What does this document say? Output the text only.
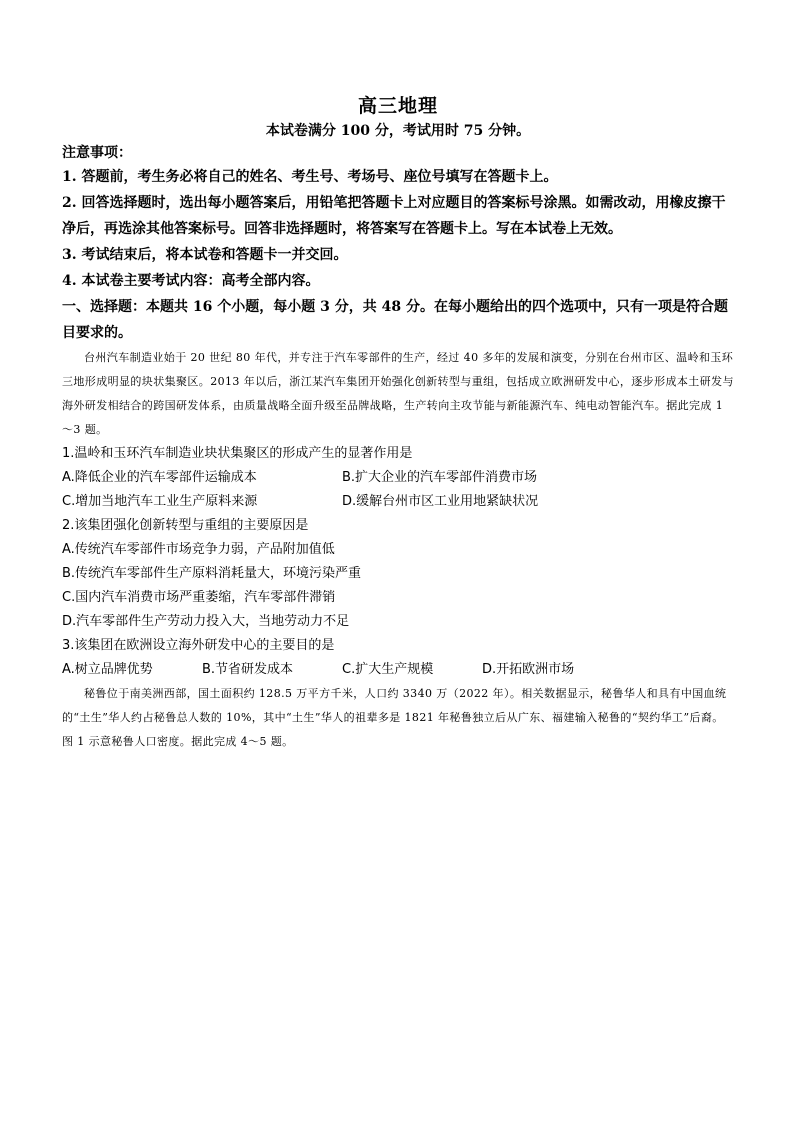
高三地理
本试卷满分 100 分，考试用时 75 分钟。
注意事项：
1. 答题前，考生务必将自己的姓名、考生号、考场号、座位号填写在答题卡上。
2. 回答选择题时，选出每小题答案后，用铅笔把答题卡上对应题目的答案标号涂黑。如需改动，用橡皮擦干净后，再选涂其他答案标号。回答非选择题时，将答案写在答题卡上。写在本试卷上无效。
3. 考试结束后，将本试卷和答题卡一并交回。
4. 本试卷主要考试内容：高考全部内容。
一、选择题：本题共 16 个小题，每小题 3 分，共 48 分。在每小题给出的四个选项中，只有一项是符合题目要求的。
台州汽车制造业始于 20 世纪 80 年代，并专注于汽车零部件的生产，经过 40 多年的发展和演变，分别在台州市区、温岭和玉环三地形成明显的块状集聚区。2013 年以后，浙江某汽车集团开始强化创新转型与重组，包括成立欧洲研发中心，逐步形成本土研发与海外研发相结合的跨国研发体系，由质量战略全面升级至品牌战略，生产转向主攻节能与新能源汽车、纯电动智能汽车。据此完成 1～3 题。
1.温岭和玉环汽车制造业块状集聚区的形成产生的显著作用是
A.降低企业的汽车零部件运输成本	B.扩大企业的汽车零部件消费市场
C.增加当地汽车工业生产原料来源	D.缓解台州市区工业用地紧缺状况
2.该集团强化创新转型与重组的主要原因是
A.传统汽车零部件市场竞争力弱，产品附加值低
B.传统汽车零部件生产原料消耗量大，环境污染严重
C.国内汽车消费市场严重萎缩，汽车零部件滞销
D.汽车零部件生产劳动力投入大，当地劳动力不足
3.该集团在欧洲设立海外研发中心的主要目的是
A.树立品牌优势	B.节省研发成本	C.扩大生产规模	D.开拓欧洲市场
秘鲁位于南美洲西部，国土面积约 128.5 万平方千米，人口约 3340 万（2022 年）。相关数据显示，秘鲁华人和具有中国血统的“土生”华人约占秘鲁总人数的 10%，其中“土生”华人的祖辈多是 1821 年秘鲁独立后从广东、福建输入秘鲁的“契约华工”后裔。图 1 示意秘鲁人口密度。据此完成 4～5 题。
